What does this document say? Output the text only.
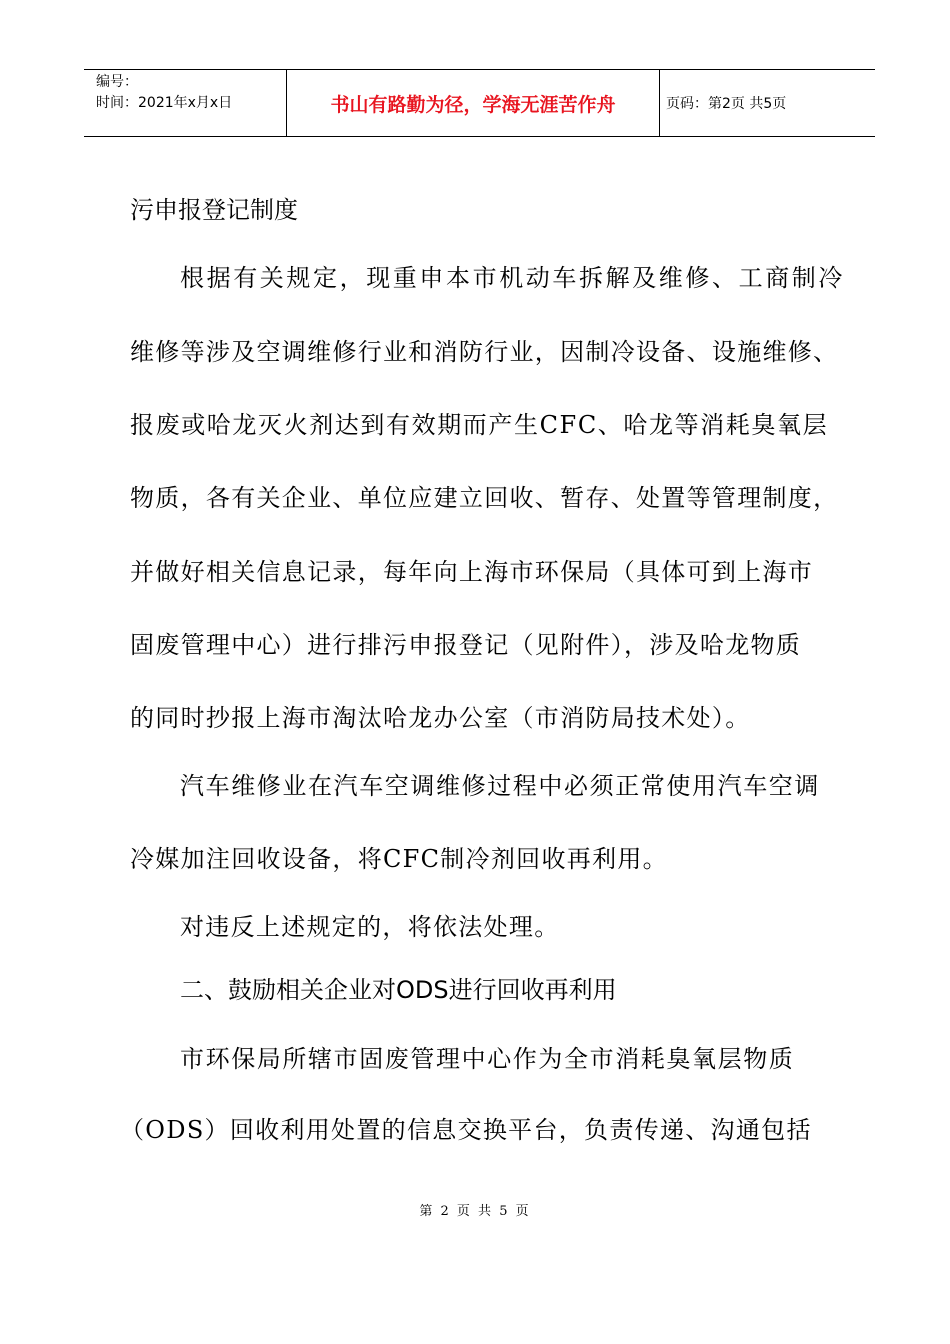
编号：
时间：2021年x月x日	书山有路勤为径，学海无涯苦作舟	页码：第2页 共5页
污申报登记制度
根据有关规定，现重申本市机动车拆解及维修、工商制冷
维修等涉及空调维修行业和消防行业，因制冷设备、设施维修、
报废或哈龙灭火剂达到有效期而产生CFC、哈龙等消耗臭氧层
物质，各有关企业、单位应建立回收、暂存、处置等管理制度，
并做好相关信息记录，每年向上海市环保局（具体可到上海市
固废管理中心）进行排污申报登记（见附件），涉及哈龙物质
的同时抄报上海市淘汰哈龙办公室（市消防局技术处）。
汽车维修业在汽车空调维修过程中必须正常使用汽车空调
冷媒加注回收设备，将CFC制冷剂回收再利用。
对违反上述规定的，将依法处理。
二、鼓励相关企业对ODS进行回收再利用
市环保局所辖市固废管理中心作为全市消耗臭氧层物质
（ODS）回收利用处置的信息交换平台，负责传递、沟通包括
第 2 页 共 5 页
